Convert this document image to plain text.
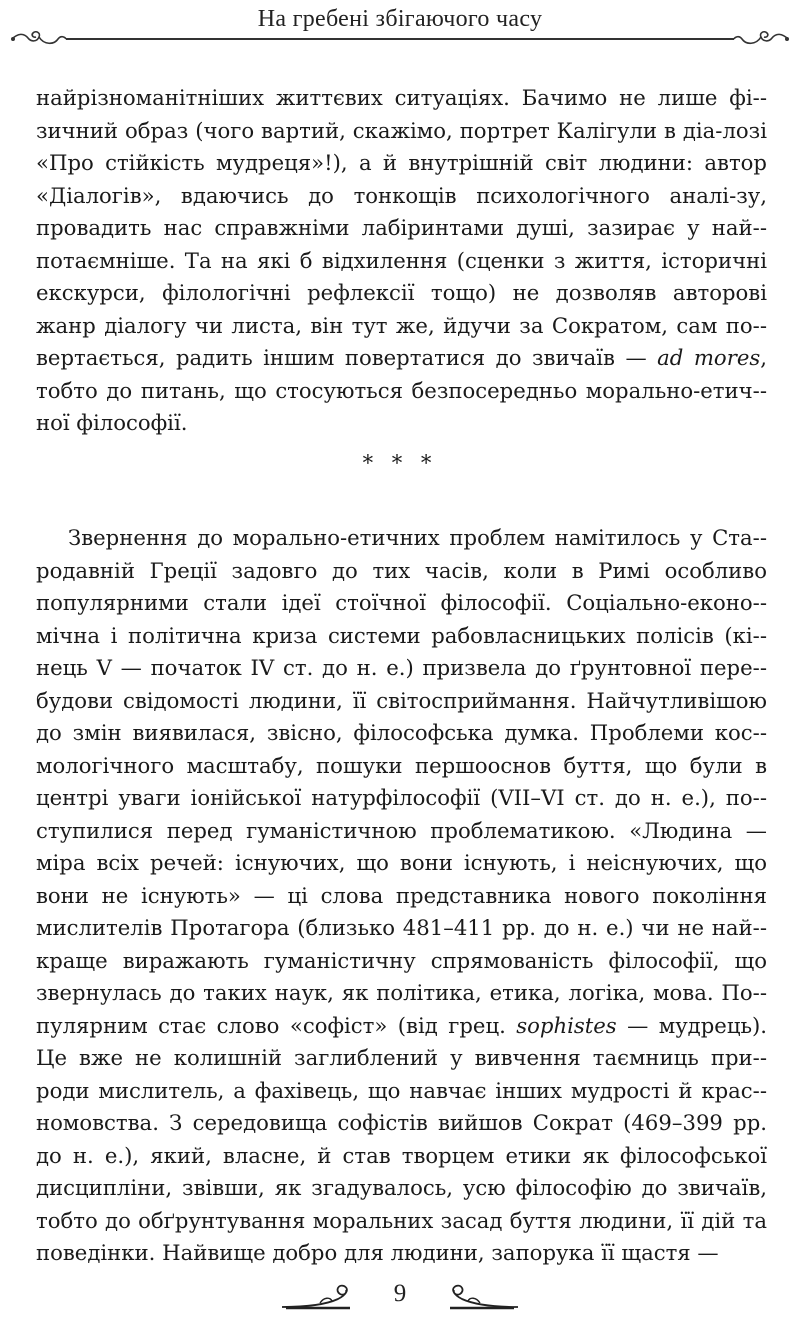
На гребені збігаючого часу
найрізноманітніших життєвих ситуаціях. Бачимо не лише фі-зичний образ (чого вартий, скажімо, портрет Калігули в діа-лозі «Про стійкість мудреця»!), а й внутрішній світ людини: автор «Діалогів», вдаючись до тонкощів психологічного аналі-зу, провадить нас справжніми лабіринтами душі, зазирає у най-потаємніше. Та на які б відхилення (сценки з життя, історичні екскурси, філологічні рефлексії тощо) не дозволяв авторові жанр діалогу чи листа, він тут же, йдучи за Сократом, сам по-вертається, радить іншим повертатися до звичаїв — ad mores, тобто до питань, що стосуються безпосередньо морально-етич-ної філософії.
* * *
Звернення до морально-етичних проблем намітилось у Ста-родавній Греції задовго до тих часів, коли в Римі особливо популярними стали ідеї стоїчної філософії. Соціально-еконо-мічна і політична криза системи рабовласницьких полісів (кі-нець V — початок IV ст. до н. е.) призвела до ґрунтовної пере-будови свідомості людини, її світосприймання. Найчутливішою до змін виявилася, звісно, філософська думка. Проблеми кос-мологічного масштабу, пошуки першооснов буття, що були в центрі уваги іонійської натурфілософії (VII–VI ст. до н. е.), по-ступилися перед гуманістичною проблематикою. «Людина — міра всіх речей: існуючих, що вони існують, і неіснуючих, що вони не існують» — ці слова представника нового покоління мислителів Протагора (близько 481–411 рр. до н. е.) чи не най-краще виражають гуманістичну спрямованість філософії, що звернулась до таких наук, як політика, етика, логіка, мова. По-пулярним стає слово «софіст» (від грец. sophistes — мудрець). Це вже не колишній заглиблений у вивчення таємниць при-роди мислитель, а фахівець, що навчає інших мудрості й крас-номовства. З середовища софістів вийшов Сократ (469–399 рр. до н. е.), який, власне, й став творцем етики як філософської дисципліни, звівши, як згадувалось, усю філософію до звичаїв, тобто до обґрунтування моральних засад буття людини, її дій та поведінки. Найвище добро для людини, запорука її щастя —
9
